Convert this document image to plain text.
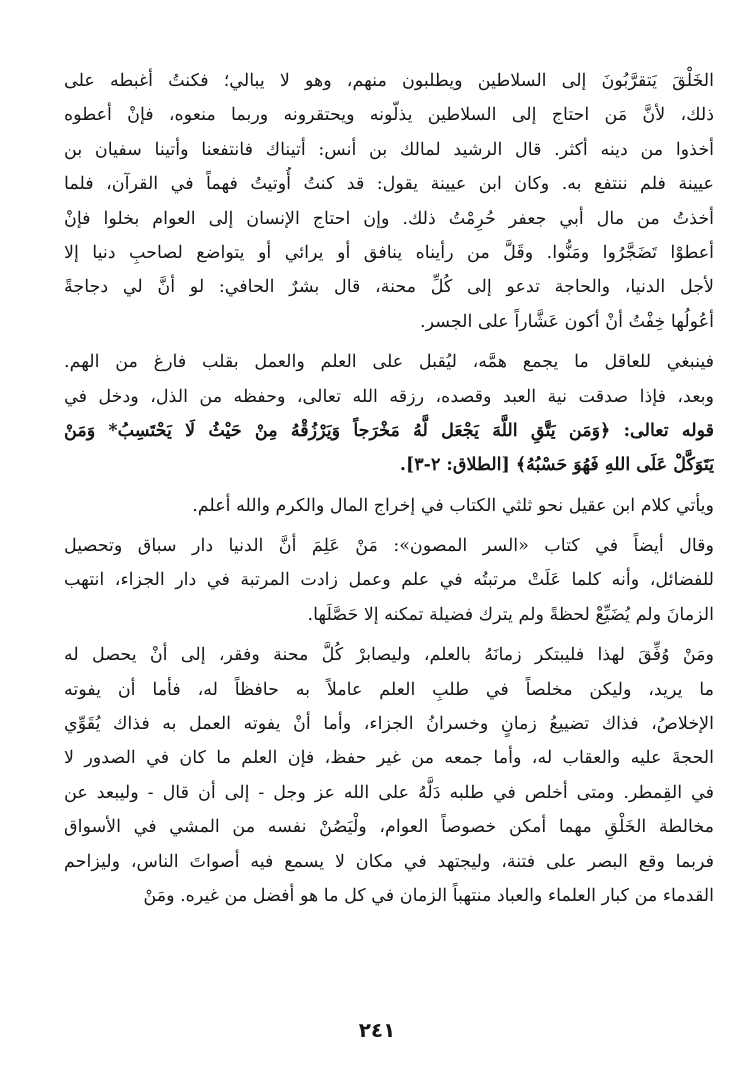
الخَلْقَ يَتقرَّبُونَ إلى السلاطين ويطلبون منهم، وهو لا يبالي؛ فكنتُ أغبطه على
ذلك، لأنَّ مَن احتاج إلى السلاطين يذلّونه ويحتقرونه وربما منعوه، فإنْ أعطوه
أخذوا من دينه أكثر. قال الرشيد لمالك بن أنس: أتيناك فانتفعنا وأتينا سفيان بن
عيينة فلم ننتفع به. وكان ابن عيينة يقول: قد كنتُ أُوتيتُ فهماً في القرآن، فلما
أخذتُ من مال أبي جعفر حُرِمْتُ ذلك. وإن احتاج الإنسان إلى العوام بخلوا فإنْ
أعطوْا تَضَجَّرُوا ومَنُّوا. وقَلَّ من رأيناه ينافق أو يرائي أو يتواضع لصاحبِ دنيا إلا
لأجل الدنيا، والحاجة تدعو إلى كُلِّ محنة، قال بشرٌ الحافي: لو أنَّ لي دجاجةً
أعُولُها خِفْتُ أنْ أكون عَشَّاراً على الجسر.
فينبغي للعاقل ما يجمع همَّه، ليُقبل على العلم والعمل بقلب فارغ من الهم.
وبعد، فإذا صدقت نية العبد وقصده، رزقه الله تعالى، وحفظه من الذل، ودخل في
قوله تعالى: ﴿وَمَن يَتَّقِ اللَّهَ يَجْعَل لَّهُ مَخْرَجاً وَيَرْزُقْهُ مِنْ حَيْثُ لَا يَحْتَسِبُ* وَمَنْ
يَتَوَكَّلْ عَلَى اللهِ فَهُوَ حَسْبُهُ﴾ [الطلاق: ٢-٣].
ويأتي كلام ابن عقيل نحو ثلثي الكتاب في إخراج المال والكرم والله أعلم.
وقال أيضاً في كتاب «السر المصون»: مَنْ عَلِمَ أنَّ الدنيا دار سباق وتحصيل
للفضائل، وأنه كلما عَلَتْ مرتبتُه في علم وعمل زادت المرتبة في دار الجزاء، انتهب
الزمانَ ولم يُضَيِّعْ لحظةً ولم يترك فضيلة تمكنه إلا حَصَّلَها.
ومَنْ وُفِّقَ لهذا فليبتكر زمانَهُ بالعلم، وليصابرْ كُلَّ محنة وفقر، إلى أنْ يحصل له
ما يريد، وليكن مخلصاً في طلبِ العلم عاملاً به حافظاً له، فأما أن يفوته
الإخلاصُ، فذاك تضييعُ زمانٍ وخسرانُ الجزاء، وأما أنْ يفوته العمل به فذاك يُقَوِّي
الحجةَ عليه والعقاب له، وأما جمعه من غير حفظ، فإن العلم ما كان في الصدور لا
في القِمطر. ومتى أخلص في طلبه دَلَّهُ على الله عز وجل - إلى أن قال - وليبعد عن
مخالطة الخَلْقِ مهما أمكن خصوصاً العوام، ولْيَصُنْ نفسه من المشي في الأسواق
فربما وقع البصر على فتنة، وليجتهد في مكان لا يسمع فيه أصواتَ الناس، وليزاحم
القدماء من كبار العلماء والعباد منتهباً الزمان في كل ما هو أفضل من غيره. ومَنْ
٢٤١
